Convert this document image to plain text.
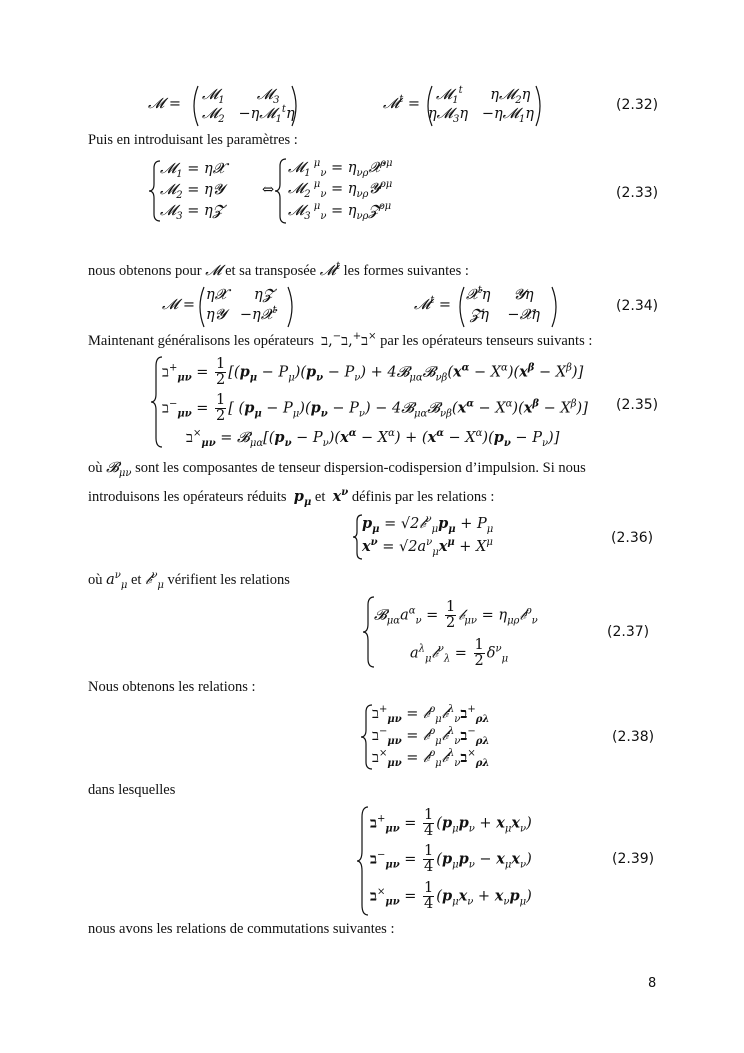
𝓜 =
𝓜$_1$       𝓜$_3$
𝓜$_2$   −η𝓜$_1^t$η
𝓜$^t$ =
𝓜$_1^t$      η𝓜$_2$η
η𝓜$_3$η   −η𝓜$_1$η
(2.32)
Puis en introduisant les paramètres :
𝓜$_1$ = η𝓧
𝓜$_2$ = η𝓨
𝓜$_3$ = η𝓩
⇔
𝓜$_1$ $^\mu_\nu = \eta_{\nu\rho}𝓧^{\rho\mu}$
𝓜$_2$ $^\mu_\nu = \eta_{\nu\rho}𝓨^{\rho\mu}$
𝓜$_3$ $^\mu_\nu = \eta_{\nu\rho}𝓩^{\rho\mu}$
(2.33)
nous obtenons pour 𝓜 et sa transposée 𝓜$^t$ les formes suivantes :
𝓜 =
η𝓧      η𝓩
η𝓨   −η𝓧$^t$	𝓜$^t$ =
𝓧$^t$η     𝓨η
𝓩η    −𝓧η
(2.34)
Maintenant généralisons les opérateurs	ב+,ב−,ב	× par les opérateurs tenseurs suivants :
ב+$_{\mu\nu}$ = $\frac{1}{2} [(p_\mu - P_\mu)(p_\nu - P_\nu)$ + $4𝓑_{\mu\alpha}𝓑_{\nu\beta}(x^\alpha - X^\alpha)(x^\beta - X^\beta)$]
ב−$_{\mu\nu}$ = $\frac{1}{2}$ [ $(p_\mu - P_\mu)(p_\nu - P_\nu)$ − $4𝓑_{\mu\alpha}𝓑_{\nu\beta}(x^\alpha - X^\alpha)(x^\beta - X^\beta)$]
ב×$_{\mu\nu}$ = $𝓑_{\mu\alpha}[(p_\nu - P_\nu)(x^\alpha - X^\alpha) + (x^\alpha - X^\alpha)(p_\nu - P_\nu)]$
(2.35)
où 𝓑$_{\mu\nu}$ sont les composantes de tenseur dispersion-codispersion d’impulsion. Si nous
introduisons les opérateurs réduits 𝒑$_\mu$ et 𝒙$^\nu$ définis par les relations :
$p_\mu$ = √2𝒷$^\nu_\mu$𝒑$_\mu$ + $P_\mu$
$x^\nu$ = $√2a^\nu_\mu 𝒙^\mu + X^\mu$	(2.36)
où $a^\nu_\mu$ et 𝒷$^\nu_\mu$ vérifient les relations
$𝓑_{\mu\alpha}a^\alpha_\nu = \frac{1}{2}$ 𝒷$_{\mu\nu}$ = $\eta_{\mu\rho}𝒷^\rho_\nu$
$a^\lambda_\mu 𝒷^\nu_\lambda = \frac{1}{2} \delta^\nu_\mu$
(2.37)
Nous obtenons les relations :
ב+$_{\mu\nu}$ = 𝒷$^\rho_\mu$𝒷$^\lambda_\nu$ב+$_{\rho\lambda}$
ב−$_{\mu\nu}$ = 𝒷$^\rho_\mu$𝒷$^\lambda_\nu$ב−$_{\rho\lambda}$
ב×$_{\mu\nu}$ = 𝒷$^\rho_\mu$𝒷$^\lambda_\nu$ב×$_{\rho\lambda}$
(2.38)
dans lesquelles
ב+$_{\mu\nu}$ = $\frac{1}{4}$ (𝒑$_\mu$𝒑$_\nu$ + 𝒙$_\mu$𝒙$_\nu$)
ב−$_{\mu\nu}$ = $\frac{1}{4}$ (𝒑$_\mu$𝒑$_\nu$ − 𝒙$_\mu$𝒙$_\nu$)
ב×$_{\mu\nu}$ = $\frac{1}{4}$ (𝒑$_\mu$𝒙$_\nu$ + 𝒙$_\nu$𝒑$_\mu$)
(2.39)
nous avons les relations de commutations suivantes :
8
